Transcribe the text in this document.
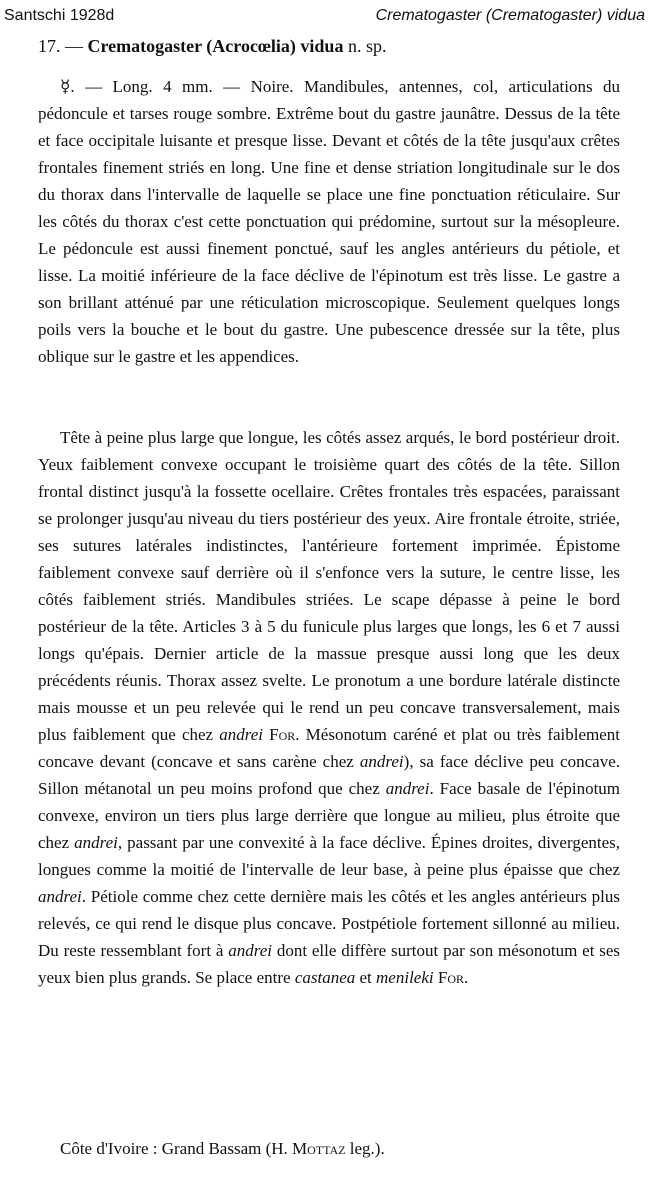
Santschi 1928d	Crematogaster (Crematogaster) vidua
17. — Crematogaster (Acrocœlia) vidua n. sp.
☿. — Long. 4 mm. — Noire. Mandibules, antennes, col, articulations du pédoncule et tarses rouge sombre. Extrême bout du gastre jaunâtre. Dessus de la tête et face occipitale luisante et presque lisse. Devant et côtés de la tête jusqu'aux crêtes frontales finement striés en long. Une fine et dense striation longitudinale sur le dos du thorax dans l'intervalle de laquelle se place une fine ponctuation réticulaire. Sur les côtés du thorax c'est cette ponctuation qui prédomine, surtout sur la mésopleure. Le pédoncule est aussi finement ponctué, sauf les angles antérieurs du pétiole, et lisse. La moitié inférieure de la face déclive de l'épinotum est très lisse. Le gastre a son brillant atténué par une réticulation microscopique. Seulement quelques longs poils vers la bouche et le bout du gastre. Une pubescence dressée sur la tête, plus oblique sur le gastre et les appendices.
Tête à peine plus large que longue, les côtés assez arqués, le bord postérieur droit. Yeux faiblement convexe occupant le troisième quart des côtés de la tête. Sillon frontal distinct jusqu'à la fossette ocellaire. Crêtes frontales très espacées, paraissant se prolonger jusqu'au niveau du tiers postérieur des yeux. Aire frontale étroite, striée, ses sutures latérales indistinctes, l'antérieure fortement imprimée. Épistome faiblement convexe sauf derrière où il s'enfonce vers la suture, le centre lisse, les côtés faiblement striés. Mandibules striées. Le scape dépasse à peine le bord postérieur de la tête. Articles 3 à 5 du funicule plus larges que longs, les 6 et 7 aussi longs qu'épais. Dernier article de la massue presque aussi long que les deux précédents réunis. Thorax assez svelte. Le pronotum a une bordure latérale distincte mais mousse et un peu relevée qui le rend un peu concave transversalement, mais plus faiblement que chez andrei For. Mésonotum caréné et plat ou très faiblement concave devant (concave et sans carène chez andrei), sa face déclive peu concave. Sillon métanotal un peu moins profond que chez andrei. Face basale de l'épinotum convexe, environ un tiers plus large derrière que longue au milieu, plus étroite que chez andrei, passant par une convexité à la face déclive. Épines droites, divergentes, longues comme la moitié de l'intervalle de leur base, à peine plus épaisse que chez andrei. Pétiole comme chez cette dernière mais les côtés et les angles antérieurs plus relevés, ce qui rend le disque plus concave. Postpétiole fortement sillonné au milieu. Du reste ressemblant fort à andrei dont elle diffère surtout par son mésonotum et ses yeux bien plus grands. Se place entre castanea et menileki For.
Côte d'Ivoire : Grand Bassam (H. Mottaz leg.).
